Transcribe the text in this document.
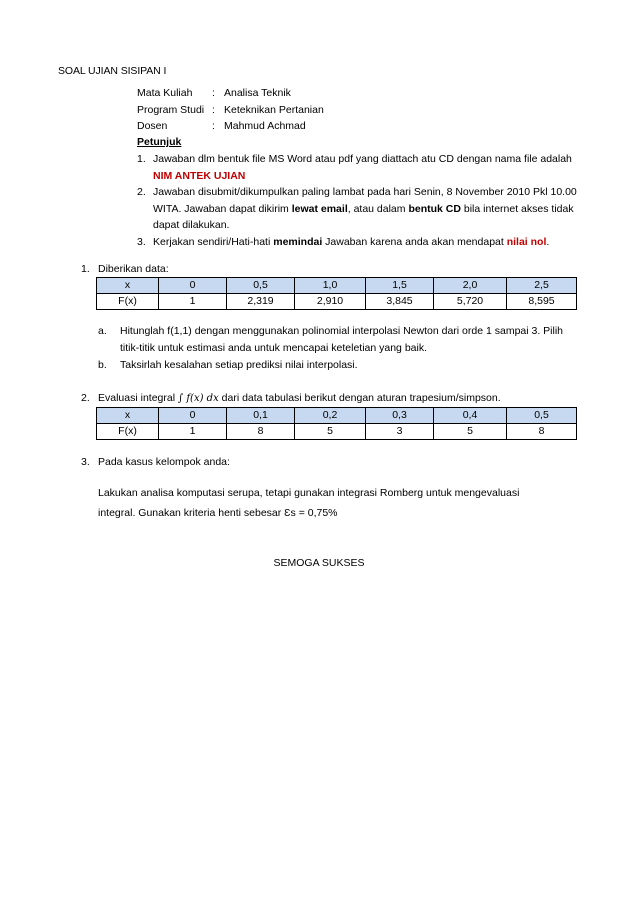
SOAL UJIAN SISIPAN I
Mata Kuliah	:	Analisa Teknik
Program Studi	:	Keteknikan Pertanian
Dosen	:	Mahmud Achmad
Petunjuk
1. Jawaban dlm bentuk file MS Word atau pdf yang diattach atu CD dengan nama file adalah NIM ANTEK UJIAN
2. Jawaban disubmit/dikumpulkan paling lambat pada hari Senin, 8 November 2010 Pkl 10.00 WITA. Jawaban dapat dikirim lewat email, atau dalam bentuk CD bila internet akses tidak dapat dilakukan.
3. Kerjakan sendiri/Hati-hati memindai Jawaban karena anda akan mendapat nilai nol.
1. Diberikan data:
x	0	0,5	1,0	1,5	2,0	2,5
F(x)	1	2,319	2,910	3,845	5,720	8,595
a. Hitunglah f(1,1) dengan menggunakan polinomial interpolasi Newton dari orde 1 sampai 3. Pilih titik-titik untuk estimasi anda untuk mencapai keteletian yang baik.
b. Taksirlah kesalahan setiap prediksi nilai interpolasi.
2. Evaluasi integral ∫ f(x) dx dari data tabulasi berikut dengan aturan trapesium/simpson.
x	0	0,1	0,2	0,3	0,4	0,5
F(x)	1	8	5	3	5	8
3. Pada kasus kelompok anda:
Lakukan analisa komputasi serupa, tetapi gunakan integrasi Romberg untuk mengevaluasi integral. Gunakan kriteria henti sebesar Ɛs = 0,75%
SEMOGA SUKSES
